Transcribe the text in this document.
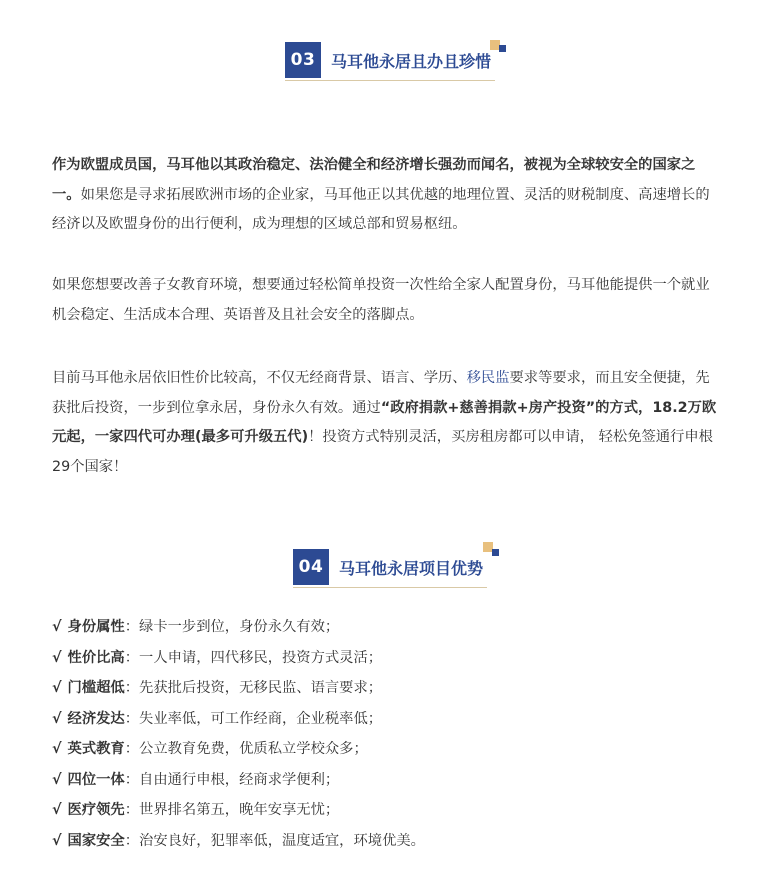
03 马耳他永居且办且珍惜

作为欧盟成员国，马耳他以其政治稳定、法治健全和经济增长强劲而闻名，被视为全球较安全的国家之一。如果您是寻求拓展欧洲市场的企业家，马耳他正以其优越的地理位置、灵活的财税制度、高速增长的经济以及欧盟身份的出行便利，成为理想的区域总部和贸易枢纽。

如果您想要改善子女教育环境，想要通过轻松简单投资一次性给全家人配置身份，马耳他能提供一个就业机会稳定、生活成本合理、英语普及且社会安全的落脚点。

目前马耳他永居依旧性价比较高，不仅无经商背景、语言、学历、移民监要求等要求，而且安全便捷，先获批后投资，一步到位拿永居，身份永久有效。通过“政府捐款+慈善捐款+房产投资”的方式，18.2万欧元起，一家四代可办理(最多可升级五代)！投资方式特别灵活，买房租房都可以申请， 轻松免签通行申根29个国家！

04 马耳他永居项目优势
√ 身份属性：绿卡一步到位，身份永久有效；
√ 性价比高：一人申请，四代移民，投资方式灵活；
√ 门槛超低：先获批后投资，无移民监、语言要求；
√ 经济发达：失业率低，可工作经商，企业税率低；
√ 英式教育：公立教育免费，优质私立学校众多；
√ 四位一体：自由通行申根，经商求学便利；
√ 医疗领先：世界排名第五，晚年安享无忧；
√ 国家安全：治安良好，犯罪率低，温度适宜，环境优美。
